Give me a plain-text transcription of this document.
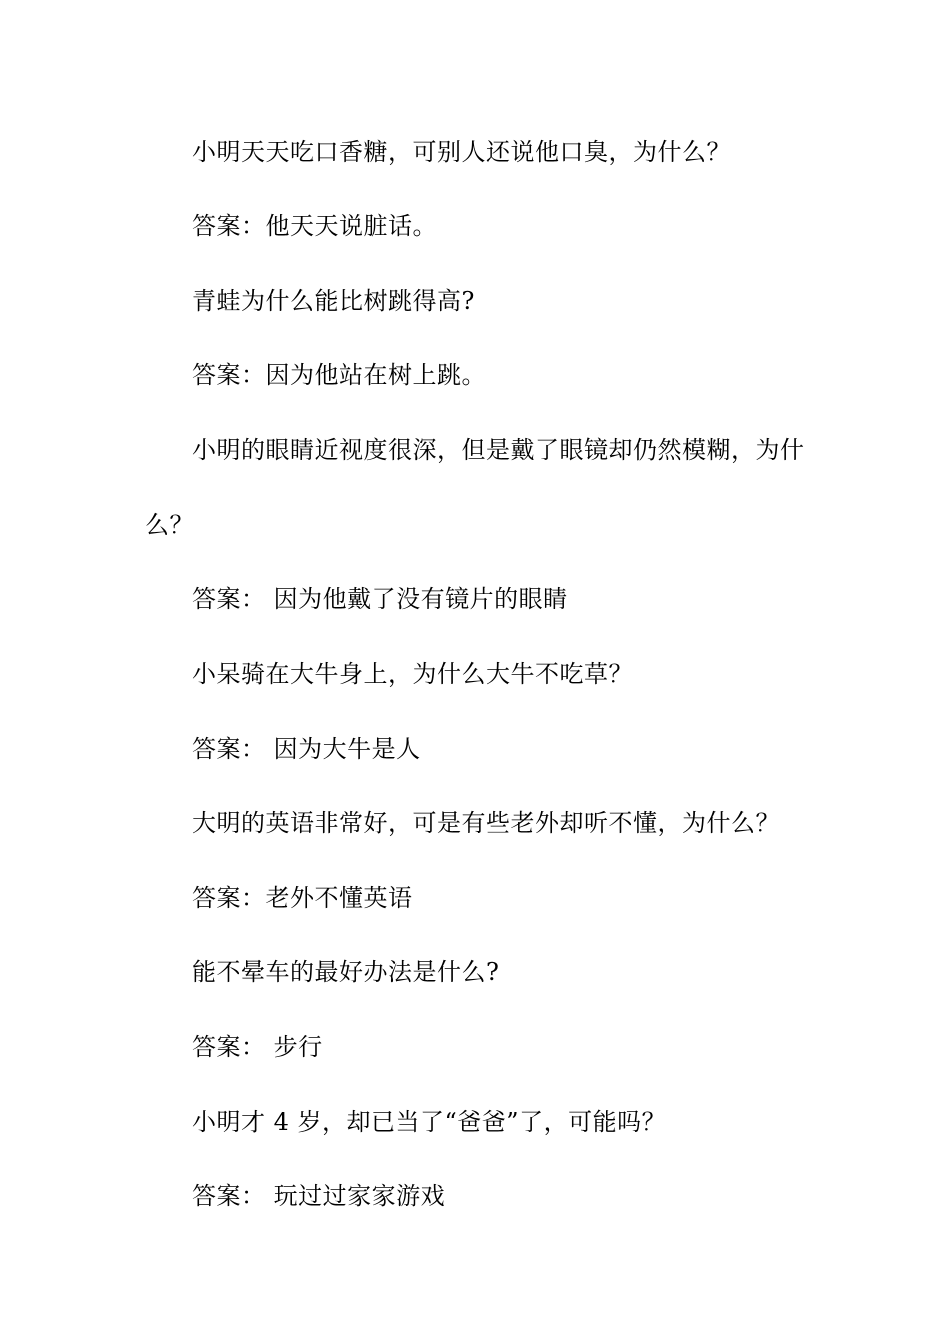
小明天天吃口香糖，可别人还说他口臭，为什么？
答案：他天天说脏话。
青蛙为什么能比树跳得高?
答案：因为他站在树上跳。
小明的眼睛近视度很深，但是戴了眼镜却仍然模糊，为什
么？
答案： 因为他戴了没有镜片的眼睛
小呆骑在大牛身上，为什么大牛不吃草？
答案： 因为大牛是人
大明的英语非常好，可是有些老外却听不懂，为什么？
答案：老外不懂英语
能不晕车的最好办法是什么?
答案： 步行
小明才 4 岁，却已当了“爸爸”了，可能吗？
答案： 玩过过家家游戏
